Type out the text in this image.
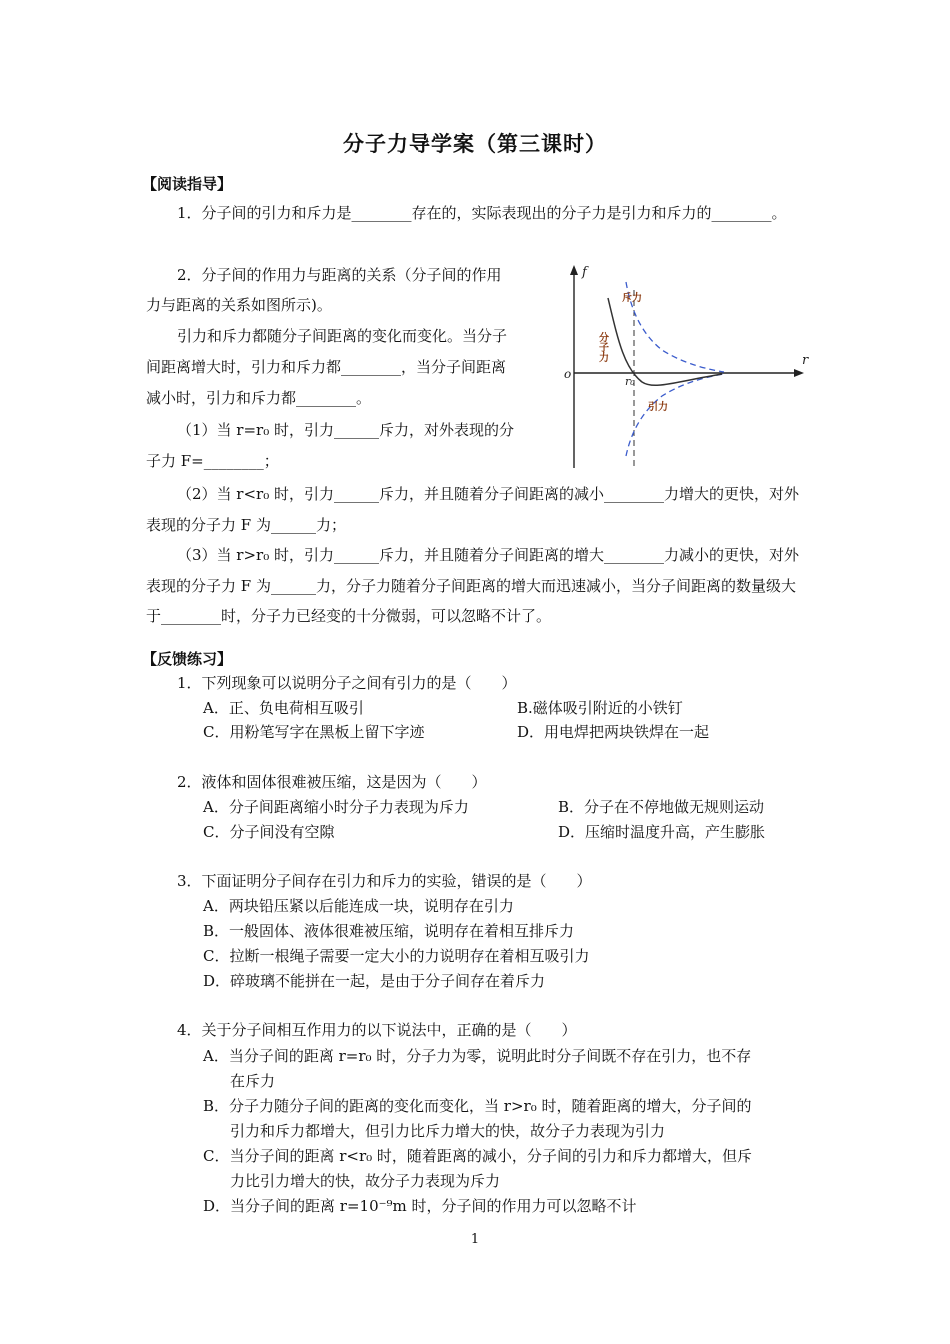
分子力导学案（第三课时）
【阅读指导】

1．分子间的引力和斥力是________存在的，实际表现出的分子力是引力和斥力的________。

2．分子间的作用力与距离的关系（分子间的作用
力与距离的关系如图所示)。
引力和斥力都随分子间距离的变化而变化。当分子
间距离增大时，引力和斥力都________，当分子间距离
减小时，引力和斥力都________。
（1）当 r=r₀ 时，引力______斥力，对外表现的分
子力 F=________；
f
r
o
r₀
斥力
分子力
引力

（2）当 r<r₀ 时，引力______斥力，并且随着分子间距离的减小________力增大的更快，对外表现的分子力 F 为______力；

（3）当 r>r₀ 时，引力______斥力，并且随着分子间距离的增大________力减小的更快，对外表现的分子力 F 为______力，分子力随着分子间距离的增大而迅速减小，当分子间距离的数量级大于________时，分子力已经变的十分微弱，可以忽略不计了。

【反馈练习】
1．下列现象可以说明分子之间有引力的是（　　）
A．正、负电荷相互吸引	B.磁体吸引附近的小铁钉
C．用粉笔写字在黑板上留下字迹	D．用电焊把两块铁焊在一起
2．液体和固体很难被压缩，这是因为（　　）
A．分子间距离缩小时分子力表现为斥力	B．分子在不停地做无规则运动
C．分子间没有空隙	D．压缩时温度升高，产生膨胀
3．下面证明分子间存在引力和斥力的实验，错误的是（　　）
A．两块铅压紧以后能连成一块，说明存在引力
B．一般固体、液体很难被压缩，说明存在着相互排斥力
C．拉断一根绳子需要一定大小的力说明存在着相互吸引力
D．碎玻璃不能拼在一起，是由于分子间存在着斥力
4．关于分子间相互作用力的以下说法中，正确的是（　　）
A．当分子间的距离 r=r₀ 时，分子力为零，说明此时分子间既不存在引力，也不存
在斥力
B．分子力随分子间的距离的变化而变化，当 r>r₀ 时，随着距离的增大，分子间的
引力和斥力都增大，但引力比斥力增大的快，故分子力表现为引力
C．当分子间的距离 r<r₀ 时，随着距离的减小，分子间的引力和斥力都增大，但斥
力比引力增大的快，故分子力表现为斥力
D．当分子间的距离 r=10⁻⁹m 时，分子间的作用力可以忽略不计
1
